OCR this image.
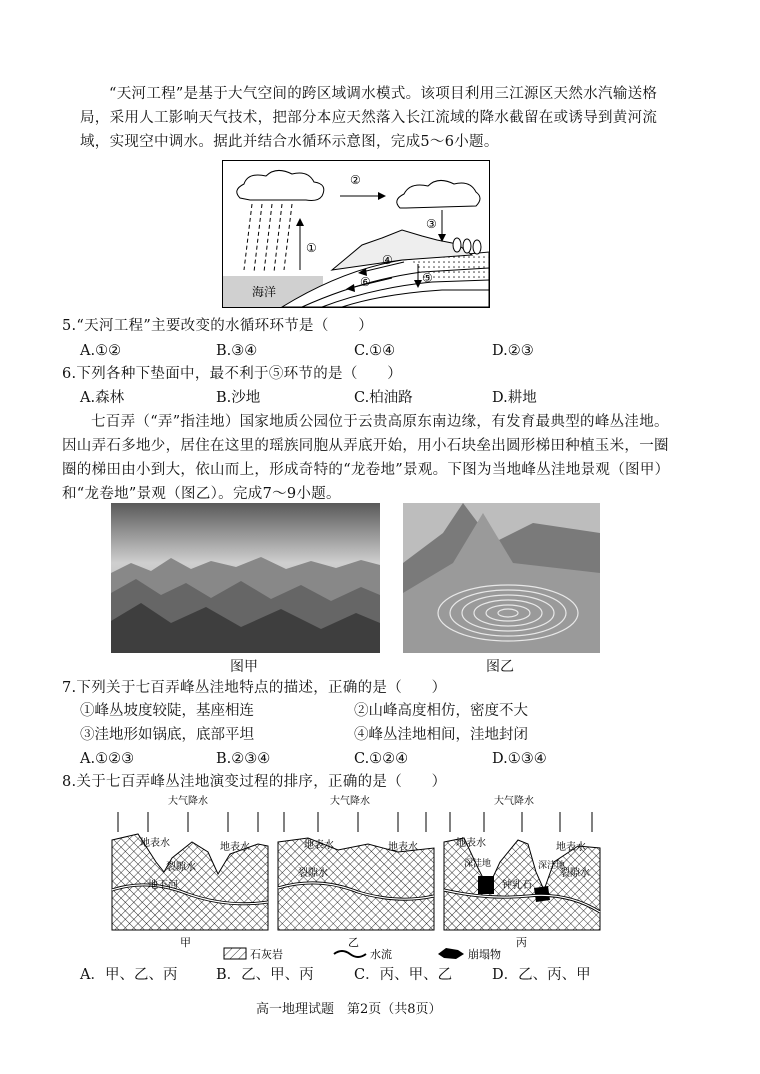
“天河工程”是基于大气空间的跨区域调水模式。该项目利用三江源区天然水汽输送格局，采用人工影响天气技术，把部分本应天然落入长江流域的降水截留在或诱导到黄河流域，实现空中调水。据此并结合水循环示意图，完成5～6小题。
①
②
③
④
⑤
⑥
海洋
5.“天河工程”主要改变的水循环环节是（　　）
A.①②	B.③④	C.①④	D.②③
6.下列各种下垫面中，最不利于⑤环节的是（　　）
A.森林	B.沙地	C.柏油路	D.耕地
七百弄（“弄”指洼地）国家地质公园位于云贵高原东南边缘，有发育最典型的峰丛洼地。因山弄石多地少，居住在这里的瑶族同胞从弄底开始，用小石块垒出圆形梯田种植玉米，一圈圈的梯田由小到大，依山而上，形成奇特的“龙卷地”景观。下图为当地峰丛洼地景观（图甲）和“龙卷地”景观（图乙）。完成7～9小题。
图甲	图乙
7.下列关于七百弄峰丛洼地特点的描述，正确的是（　　）
①峰丛坡度较陡，基座相连	②山峰高度相仿，密度不大
③洼地形如锅底，底部平坦	④峰丛洼地相间，洼地封闭
A.①②③	B.②③④	C.①②④	D.①③④
8.关于七百弄峰丛洼地演变过程的排序，正确的是（　　）
大气降水
地表水	地表水
裂隙水
地下河
甲
大气降水
地表水	地表水
裂隙水
乙
大气降水
地表水	地表水
深洼地	深洼地
钟乳石
裂隙水
丙
石灰岩	水流	崩塌物
A．甲、乙、丙	B．乙、甲、丙	C．丙、甲、乙	D．乙、丙、甲
高一地理试题　第2页（共8页）
